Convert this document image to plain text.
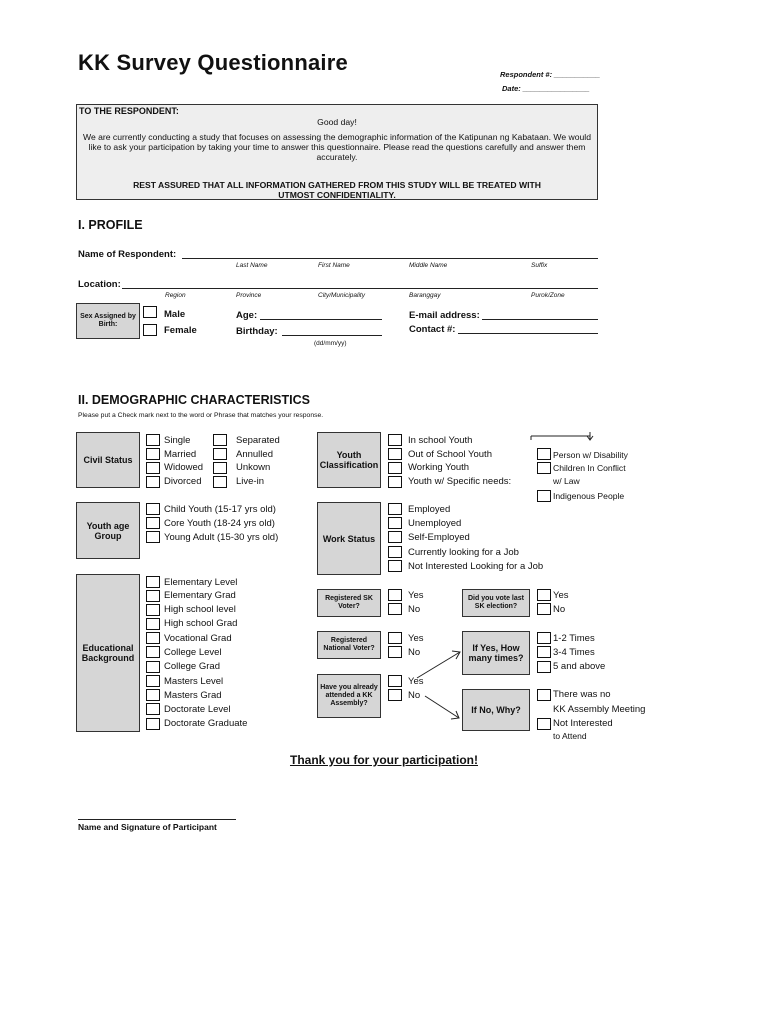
KK Survey Questionnaire	Respondent #: ___________
Date: ________________
TO THE RESPONDENT:
Good day!
We are currently conducting a study that focuses on assessing the demographic information of the Katipunan ng Kabataan. We would like to ask your participation by taking your time to answer this questionnaire. Please read the questions carefully and answer them accurately.
REST ASSURED THAT ALL INFORMATION GATHERED FROM THIS STUDY WILL BE TREATED WITH UTMOST CONFIDENTIALITY.
I. PROFILE
Name of Respondent:
Last Name	First Name	Middle Name	Suffix
Location:
Region	Province	City/Municipality	Baranggay	Purok/Zone
Sex Assigned by Birth:
Male
Female
Age:
Birthday:
(dd/mm/yy)
E-mail address:
Contact #:
II. DEMOGRAPHIC CHARACTERISTICS
Please put a Check mark next to the word or Phrase that matches your response.
Civil Status
Single
Married
Widowed
Divorced
Separated
Annulled
Unkown
Live-in
Youth Classification
In school Youth
Out of School Youth
Working Youth
Youth w/ Specific needs:
Person w/ Disability
Children In Conflict
w/ Law
Indigenous People
Youth age Group
Child Youth (15-17 yrs old)
Core Youth (18-24 yrs old)
Young Adult (15-30 yrs old)	Work Status
Employed
Unemployed
Self-Employed
Currently looking for a Job
Not Interested Looking for a Job
Educational Background
Elementary Level
Elementary Grad
High school level
High school Grad
Vocational Grad
College Level
College Grad
Masters Level
Masters Grad
Doctorate Level
Doctorate Graduate
Registered SK Voter?
Yes
No
Did you vote last SK election?
Yes
No
Registered National Voter?
Yes
No	If Yes, How many times?
1-2 Times
3-4 Times
5 and above
Have you already attended a KK Assembly?
Yes
No
If No, Why?
There was no
KK Assembly Meeting
Not Interested
to Attend
Thank you for your participation!
Name and Signature of Participant
